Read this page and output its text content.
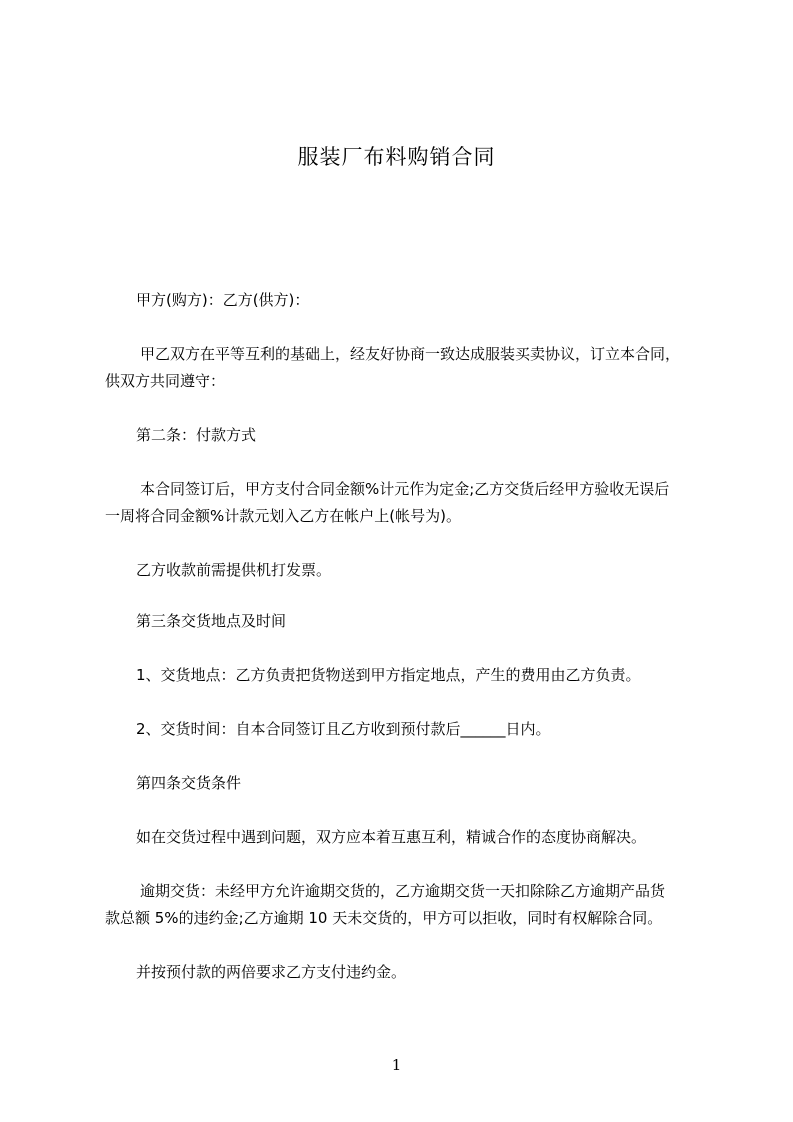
服装厂布料购销合同
甲方(购方)：乙方(供方)：
甲乙双方在平等互利的基础上，经友好协商一致达成服装买卖协议，订立本合同，
供双方共同遵守：
第二条：付款方式
本合同签订后，甲方支付合同金额%计元作为定金;乙方交货后经甲方验收无误后
一周将合同金额%计款元划入乙方在帐户上(帐号为)。
乙方收款前需提供机打发票。
第三条交货地点及时间
1、交货地点：乙方负责把货物送到甲方指定地点，产生的费用由乙方负责。
2、交货时间：自本合同签订且乙方收到预付款后______日内。
第四条交货条件
如在交货过程中遇到问题，双方应本着互惠互利，精诚合作的态度协商解决。
逾期交货：未经甲方允许逾期交货的，乙方逾期交货一天扣除除乙方逾期产品货
款总额 5%的违约金;乙方逾期 10 天未交货的，甲方可以拒收，同时有权解除合同。
并按预付款的两倍要求乙方支付违约金。
1
